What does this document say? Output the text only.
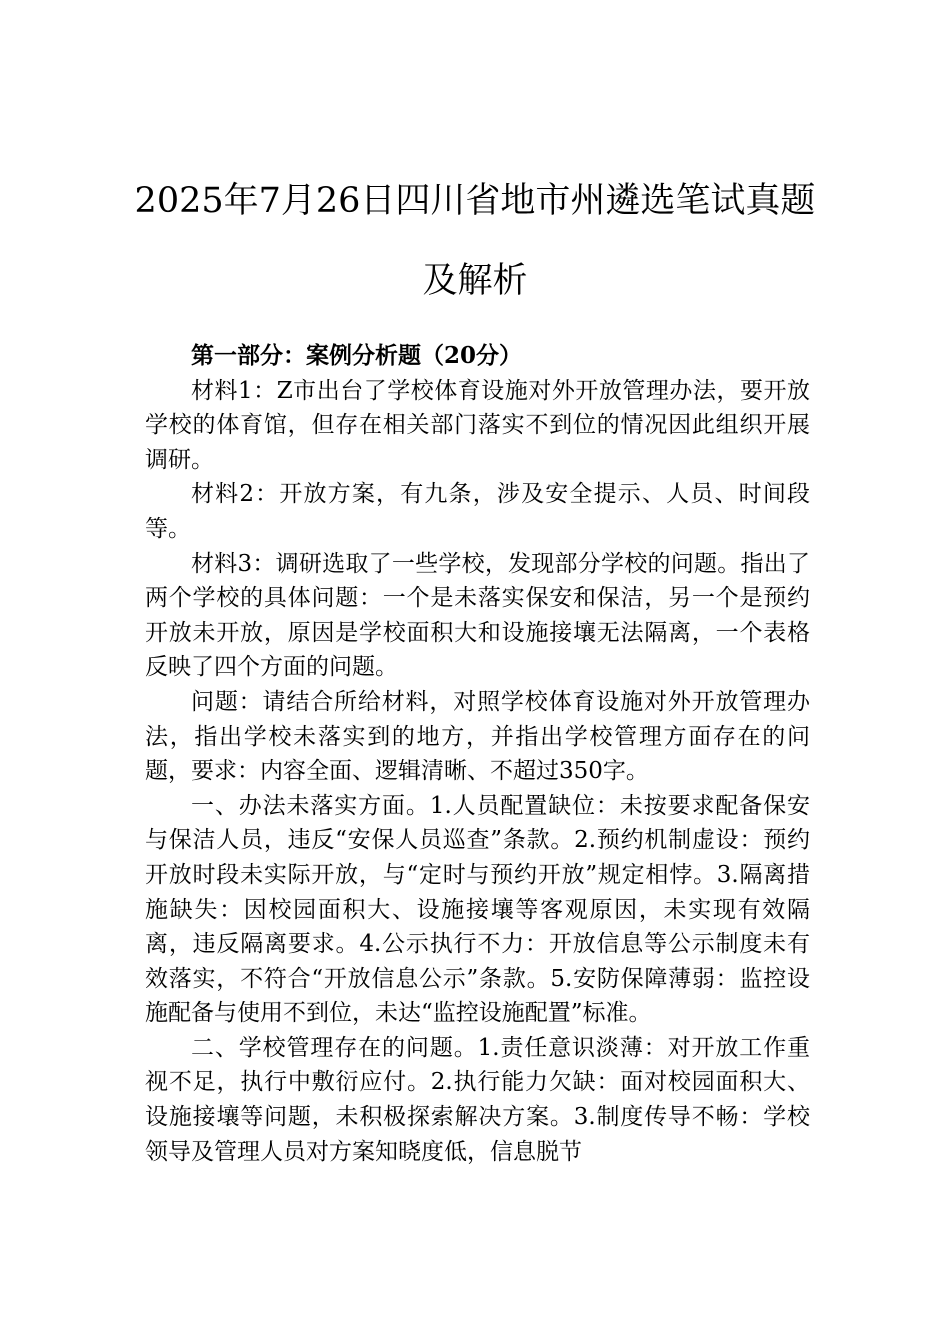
2025年7月26日四川省地市州遴选笔试真题及解析

第一部分：案例分析题（20分）

材料1：Z市出台了学校体育设施对外开放管理办法，要开放学校的体育馆，但存在相关部门落实不到位的情况因此组织开展调研。

材料2：开放方案，有九条，涉及安全提示、人员、时间段等。

材料3：调研选取了一些学校，发现部分学校的问题。指出了两个学校的具体问题：一个是未落实保安和保洁，另一个是预约开放未开放，原因是学校面积大和设施接壤无法隔离，一个表格反映了四个方面的问题。

问题：请结合所给材料，对照学校体育设施对外开放管理办法，指出学校未落实到的地方，并指出学校管理方面存在的问题，要求：内容全面、逻辑清晰、不超过350字。

一、办法未落实方面。1.人员配置缺位：未按要求配备保安与保洁人员，违反“安保人员巡查”条款。2.预约机制虚设：预约开放时段未实际开放，与“定时与预约开放”规定相悖。3.隔离措施缺失：因校园面积大、设施接壤等客观原因，未实现有效隔离，违反隔离要求。4.公示执行不力：开放信息等公示制度未有效落实，不符合“开放信息公示”条款。5.安防保障薄弱：监控设施配备与使用不到位，未达“监控设施配置”标准。

二、学校管理存在的问题。1.责任意识淡薄：对开放工作重视不足，执行中敷衍应付。2.执行能力欠缺：面对校园面积大、设施接壤等问题，未积极探索解决方案。3.制度传导不畅：学校领导及管理人员对方案知晓度低，信息脱节
